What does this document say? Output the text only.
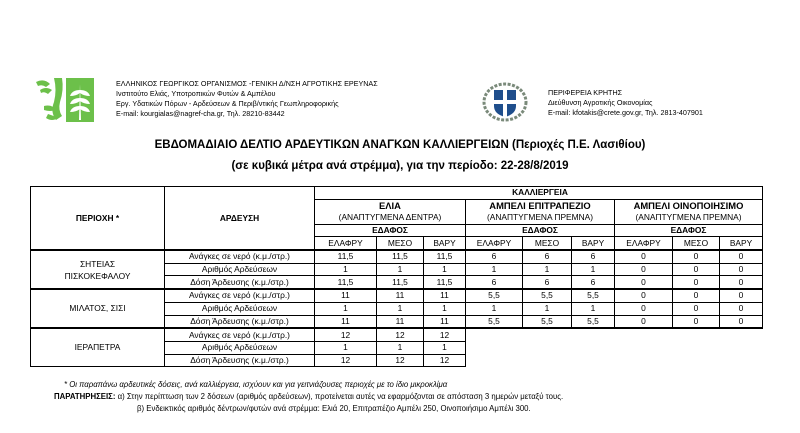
ΕΛΛΗΝΙΚΟΣ ΓΕΩΡΓΙΚΟΣ ΟΡΓΑΝΙΣΜΟΣ -ΓΕΝΙΚΗ Δ/ΝΣΗ ΑΓΡΟΤΙΚΗΣ ΕΡΕΥΝΑΣ
Ινστιτούτο Ελιάς, Υποτροπικών Φυτών & Αμπέλου
Εργ. Υδατικών Πόρων - Αρδεύσεων & Περιβ/ντικής Γεωπληροφορικής
E-mail: kourgialas@nagref-cha.gr, Τηλ. 28210-83442
ΠΕΡΙΦΕΡΕΙΑ ΚΡΗΤΗΣ
Διεύθυνση Αγροτικής Οικονομίας
E-mail: kfotakis@crete.gov.gr, Τηλ. 2813-407901
ΕΒΔΟΜΑΔΙΑΙΟ ΔΕΛΤΙΟ ΑΡΔΕΥΤΙΚΩΝ ΑΝΑΓΚΩΝ ΚΑΛΛΙΕΡΓΕΙΩΝ (Περιοχές Π.Ε. Λασιθίου)
(σε κυβικά μέτρα ανά στρέμμα), για την περίοδο: 22-28/8/2019
ΠΕΡΙΟΧΗ *	ΑΡΔΕΥΣΗ				ΚΑΛΛΙΕΡΓΕΙΑ					
		ΕΛΙΑ			ΑΜΠΕΛΙ ΕΠΙΤΡΑΠΕΖΙΟ			ΑΜΠΕΛΙ ΟΙΝΟΠΟΙΗΣΙΜΟ		
		(ΑΝΑΠΤΥΓΜΕΝΑ ΔΕΝΤΡΑ)			(ΑΝΑΠΤΥΓΜΕΝΑ ΠΡΕΜΝΑ)			(ΑΝΑΠΤΥΓΜΕΝΑ ΠΡΕΜΝΑ)		
		ΕΔΑΦΟΣ			ΕΔΑΦΟΣ			ΕΔΑΦΟΣ		
		ΕΛΑΦΡΥ	ΜΕΣΟ	ΒΑΡΥ	ΕΛΑΦΡΥ	ΜΕΣΟ	ΒΑΡΥ	ΕΛΑΦΡΥ	ΜΕΣΟ	ΒΑΡΥ

ΣΗΤΕΙΑΣ
ΠΙΣΚΟΚΕΦΑΛΟΥ	Ανάγκες σε νερό (κ.μ./στρ.)	11,5	11,5	11,5	6	6	6	0	0	0
	Αριθμός Αρδεύσεων	1	1	1	1	1	1	0	0	0
	Δόση Άρδευσης (κ.μ./στρ.)	11,5	11,5	11,5	6	6	6	0	0	0
ΜΙΛΑΤΟΣ, ΣΙΣΙ	Ανάγκες σε νερό (κ.μ./στρ.)	11	11	11	5,5	5,5	5,5	0	0	0
	Αριθμός Αρδεύσεων	1	1	1	1	1	1	0	0	0
	Δόση Άρδευσης (κ.μ./στρ.)	11	11	11	5,5	5,5	5,5	0	0	0
ΙΕΡΑΠΕΤΡΑ	Ανάγκες σε νερό (κ.μ./στρ.)	12	12	12						
	Αριθμός Αρδεύσεων	1	1	1						
	Δόση Άρδευσης (κ.μ./στρ.)	12	12	12						
* Οι παραπάνω αρδευτικές δόσεις, ανά καλλιέργεια, ισχύουν και για γειτνιάζουσες περιοχές με το ίδιο μικροκλίμα
ΠΑΡΑΤΗΡΗΣΕΙΣ: α) Στην περίπτωση των 2 δόσεων (αριθμός αρδεύσεων), προτείνεται αυτές να εφαρμόζονται σε απόσταση 3 ημερών μεταξύ τους.
β) Ενδεικτικός αριθμός δέντρων/φυτών ανά στρέμμα: Ελιά 20, Επιτραπέζιο Αμπέλι 250, Οινοποιήσιμο Αμπέλι 300.
